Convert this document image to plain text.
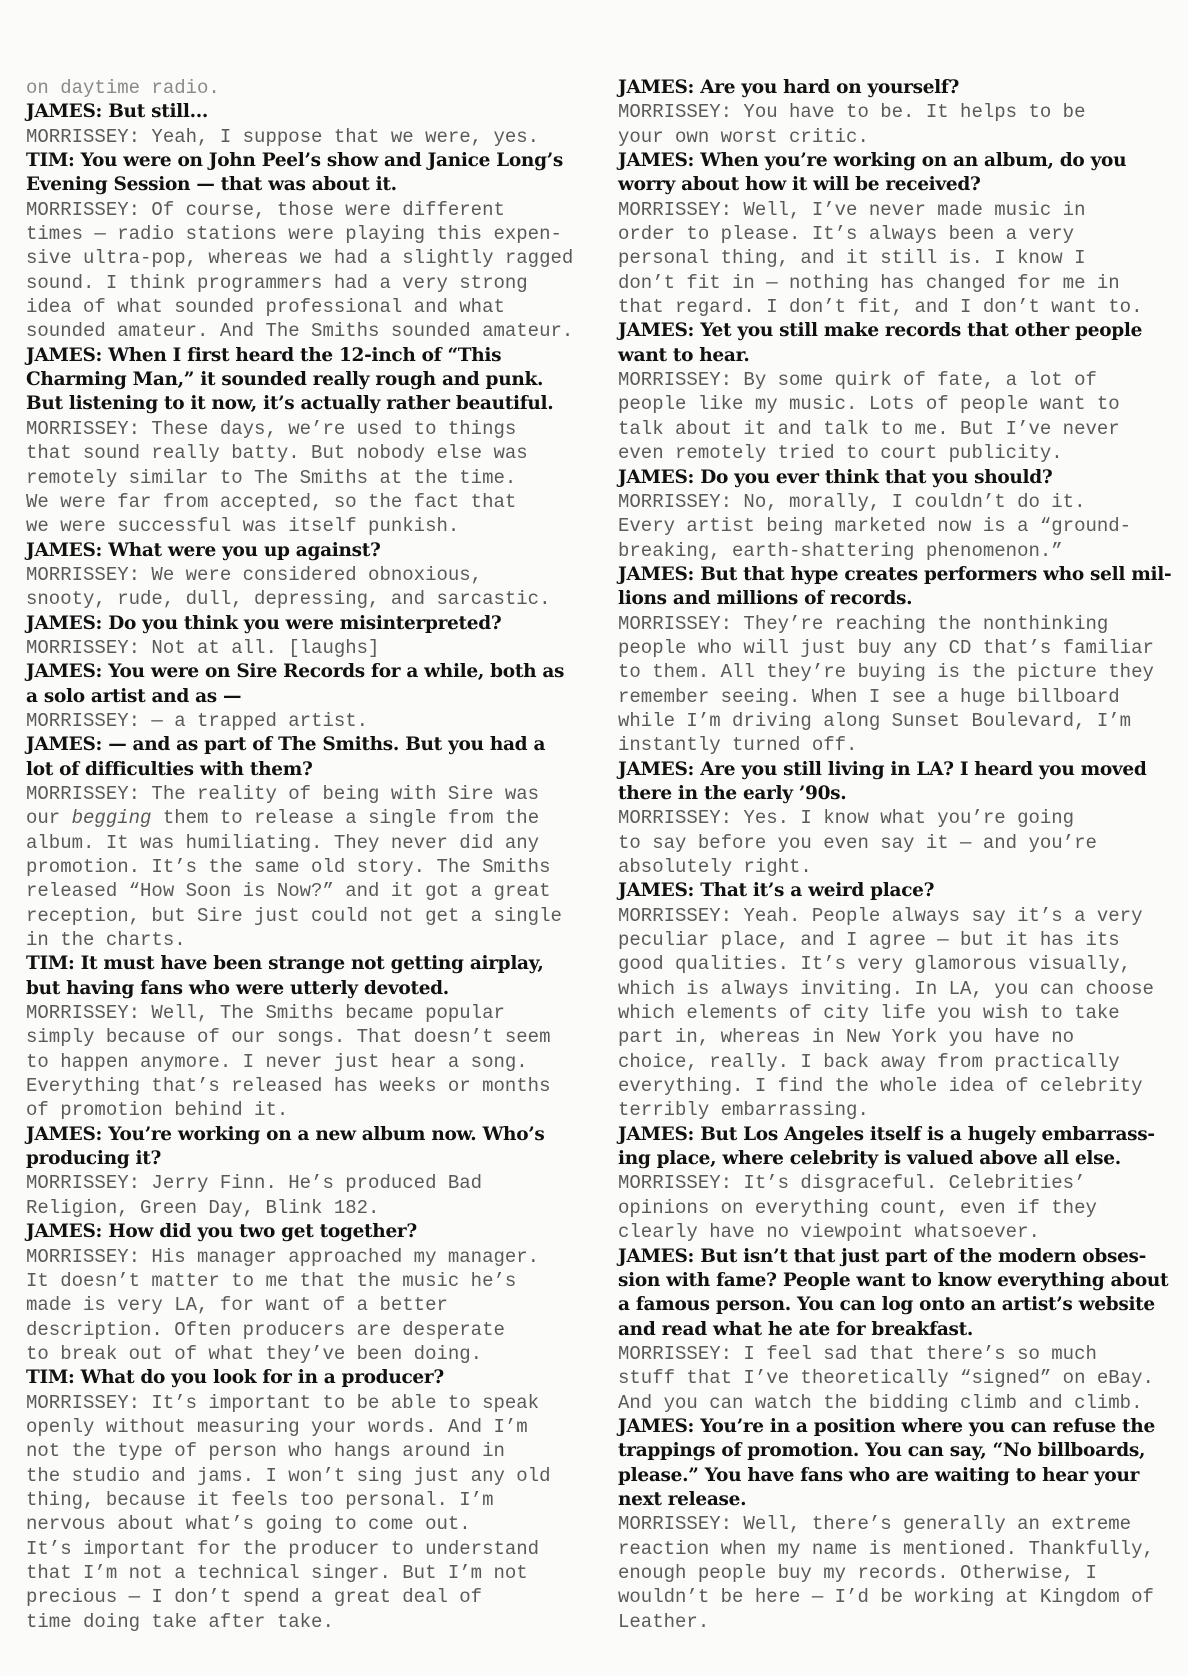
on daytime radio.
JAMES: But still...
MORRISSEY: Yeah, I suppose that we were, yes.
TIM: You were on John Peel’s show and Janice Long’s
Evening Session — that was about it.
MORRISSEY: Of course, those were different
times — radio stations were playing this expen-
sive ultra-pop, whereas we had a slightly ragged
sound. I think programmers had a very strong
idea of what sounded professional and what
sounded amateur. And The Smiths sounded amateur.
JAMES: When I first heard the 12-inch of “This
Charming Man,” it sounded really rough and punk.
But listening to it now, it’s actually rather beautiful.
MORRISSEY: These days, we’re used to things
that sound really batty. But nobody else was
remotely similar to The Smiths at the time.
We were far from accepted, so the fact that
we were successful was itself punkish.
JAMES: What were you up against?
MORRISSEY: We were considered obnoxious,
snooty, rude, dull, depressing, and sarcastic.
JAMES: Do you think you were misinterpreted?
MORRISSEY: Not at all. [laughs]
JAMES: You were on Sire Records for a while, both as
a solo artist and as —
MORRISSEY: — a trapped artist.
JAMES: — and as part of The Smiths. But you had a
lot of difficulties with them?
MORRISSEY: The reality of being with Sire was
our begging them to release a single from the
album. It was humiliating. They never did any
promotion. It’s the same old story. The Smiths
released “How Soon is Now?” and it got a great
reception, but Sire just could not get a single
in the charts.
TIM: It must have been strange not getting airplay,
but having fans who were utterly devoted.
MORRISSEY: Well, The Smiths became popular
simply because of our songs. That doesn’t seem
to happen anymore. I never just hear a song.
Everything that’s released has weeks or months
of promotion behind it.
JAMES: You’re working on a new album now. Who’s
producing it?
MORRISSEY: Jerry Finn. He’s produced Bad
Religion, Green Day, Blink 182.
JAMES: How did you two get together?
MORRISSEY: His manager approached my manager.
It doesn’t matter to me that the music he’s
made is very LA, for want of a better
description. Often producers are desperate
to break out of what they’ve been doing.
TIM: What do you look for in a producer?
MORRISSEY: It’s important to be able to speak
openly without measuring your words. And I’m
not the type of person who hangs around in
the studio and jams. I won’t sing just any old
thing, because it feels too personal. I’m
nervous about what’s going to come out.
It’s important for the producer to understand
that I’m not a technical singer. But I’m not
precious — I don’t spend a great deal of
time doing take after take.
JAMES: Are you hard on yourself?
MORRISSEY: You have to be. It helps to be
your own worst critic.
JAMES: When you’re working on an album, do you
worry about how it will be received?
MORRISSEY: Well, I’ve never made music in
order to please. It’s always been a very
personal thing, and it still is. I know I
don’t fit in — nothing has changed for me in
that regard. I don’t fit, and I don’t want to.
JAMES: Yet you still make records that other people
want to hear.
MORRISSEY: By some quirk of fate, a lot of
people like my music. Lots of people want to
talk about it and talk to me. But I’ve never
even remotely tried to court publicity.
JAMES: Do you ever think that you should?
MORRISSEY: No, morally, I couldn’t do it.
Every artist being marketed now is a “ground-
breaking, earth-shattering phenomenon.”
JAMES: But that hype creates performers who sell mil-
lions and millions of records.
MORRISSEY: They’re reaching the nonthinking
people who will just buy any CD that’s familiar
to them. All they’re buying is the picture they
remember seeing. When I see a huge billboard
while I’m driving along Sunset Boulevard, I’m
instantly turned off.
JAMES: Are you still living in LA? I heard you moved
there in the early ’90s.
MORRISSEY: Yes. I know what you’re going
to say before you even say it — and you’re
absolutely right.
JAMES: That it’s a weird place?
MORRISSEY: Yeah. People always say it’s a very
peculiar place, and I agree — but it has its
good qualities. It’s very glamorous visually,
which is always inviting. In LA, you can choose
which elements of city life you wish to take
part in, whereas in New York you have no
choice, really. I back away from practically
everything. I find the whole idea of celebrity
terribly embarrassing.
JAMES: But Los Angeles itself is a hugely embarrass-
ing place, where celebrity is valued above all else.
MORRISSEY: It’s disgraceful. Celebrities’
opinions on everything count, even if they
clearly have no viewpoint whatsoever.
JAMES: But isn’t that just part of the modern obses-
sion with fame? People want to know everything about
a famous person. You can log onto an artist’s website
and read what he ate for breakfast.
MORRISSEY: I feel sad that there’s so much
stuff that I’ve theoretically “signed” on eBay.
And you can watch the bidding climb and climb.
JAMES: You’re in a position where you can refuse the
trappings of promotion. You can say, “No billboards,
please.” You have fans who are waiting to hear your
next release.
MORRISSEY: Well, there’s generally an extreme
reaction when my name is mentioned. Thankfully,
enough people buy my records. Otherwise, I
wouldn’t be here — I’d be working at Kingdom of
Leather.
